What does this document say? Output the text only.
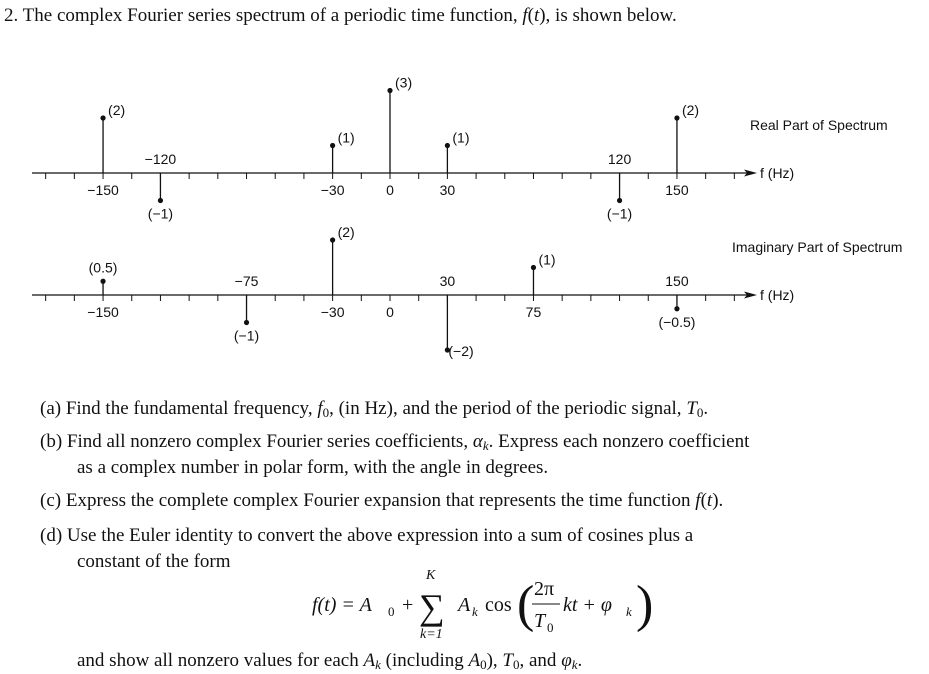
2. The complex Fourier series spectrum of a periodic time function, f(t), is shown below.
f (Hz)
Real Part of Spectrum
−150
−120
−30	0	30
120
150
(2)
(−1)
(1)
(3)
(1)
(−1)
(2)
f (Hz)
Imaginary Part of Spectrum
−150
−75
−30	0
30
75
150
(0.5)
(−1)
(2)
(−2)
(1)
(−0.5)
(a) Find the fundamental frequency, $f_0$, (in Hz), and the period of the periodic signal, $T_0$.
(b) Find all nonzero complex Fourier series coefficients, $\alpha_k$. Express each nonzero coefficient
as a complex number in polar form, with the angle in degrees.
(c) Express the complete complex Fourier expansion that represents the time function f(t).
(d) Use the Euler identity to convert the above expression into a sum of cosines plus a
constant of the form
and show all nonzero values for each $A_k$ (including $A_0$), $T_0$, and $\varphi_k$.
f(t) = A 0 +
K
∑
k=1
A k cos ( 2π
T 0
kt + φ k )
